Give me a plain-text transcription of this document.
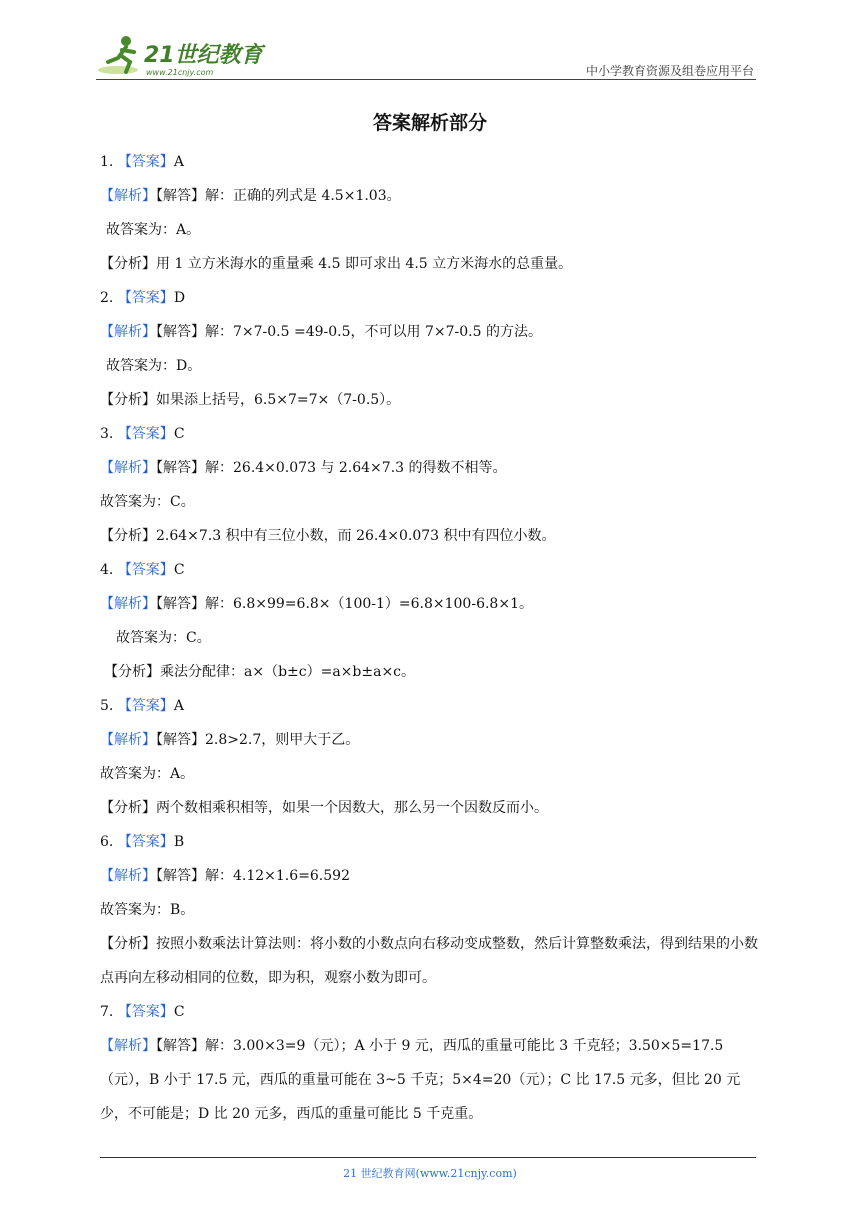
21世纪教育
www.21cnjy.com	中小学教育资源及组卷应用平台
答案解析部分
1. 【答案】A
【解析】【解答】解：正确的列式是 4.5×1.03。
故答案为：A。
【分析】用 1 立方米海水的重量乘 4.5 即可求出 4.5 立方米海水的总重量。
2. 【答案】D
【解析】【解答】解：7×7-0.5 =49-0.5，不可以用 7×7-0.5 的方法。
故答案为：D。
【分析】如果添上括号，6.5×7=7×（7-0.5）。
3. 【答案】C
【解析】【解答】解：26.4×0.073 与 2.64×7.3 的得数不相等。
故答案为：C。
【分析】2.64×7.3 积中有三位小数，而 26.4×0.073 积中有四位小数。
4. 【答案】C
【解析】【解答】解：6.8×99=6.8×（100-1）=6.8×100-6.8×1。
故答案为：C。
【分析】乘法分配律：a×（b±c）=a×b±a×c。
5. 【答案】A
【解析】【解答】2.8>2.7，则甲大于乙。
故答案为：A。
【分析】两个数相乘积相等，如果一个因数大，那么另一个因数反而小。
6. 【答案】B
【解析】【解答】解：4.12×1.6=6.592
故答案为：B。
【分析】按照小数乘法计算法则：将小数的小数点向右移动变成整数，然后计算整数乘法，得到结果的小数点再向左移动相同的位数，即为积，观察小数为即可。
7. 【答案】C
【解析】【解答】解：3.00×3=9（元）；A 小于 9 元，西瓜的重量可能比 3 千克轻；3.50×5=17.5（元），B 小于 17.5 元，西瓜的重量可能在 3~5 千克；5×4=20（元）；C 比 17.5 元多，但比 20 元少，不可能是；D 比 20 元多，西瓜的重量可能比 5 千克重。
21 世纪教育网(www.21cnjy.com)
